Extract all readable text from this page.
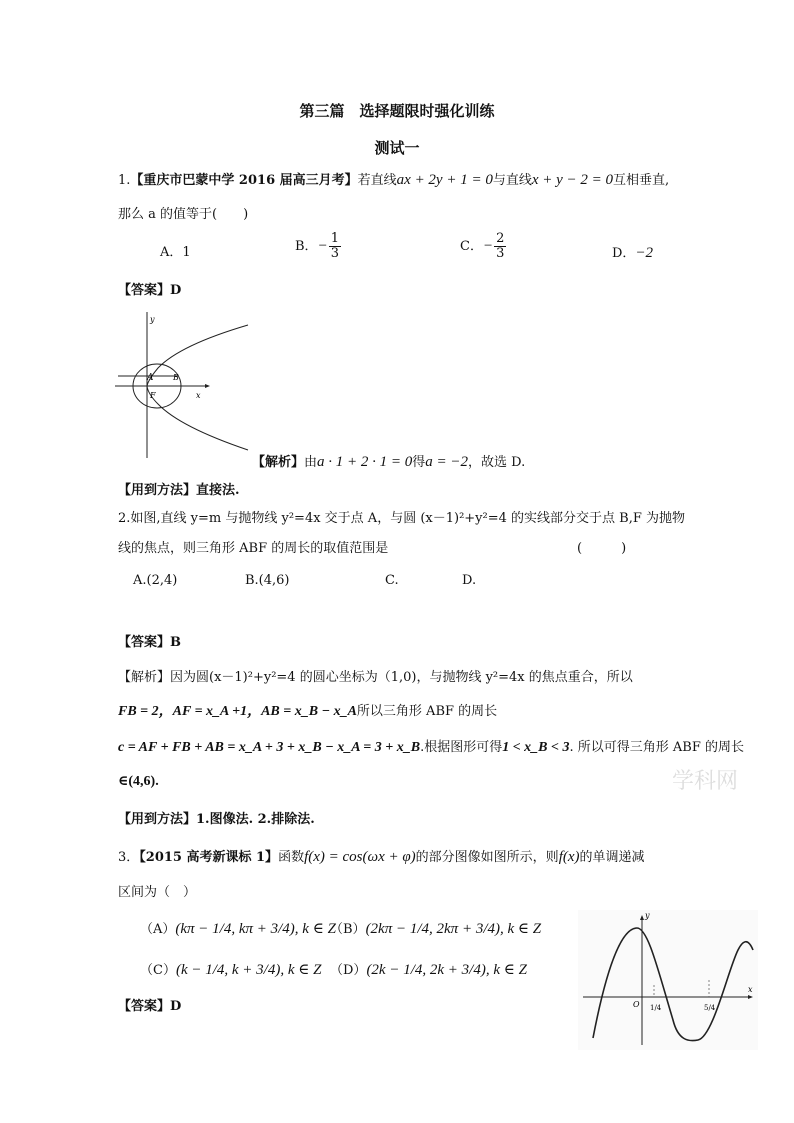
第三篇　选择题限时强化训练
测试一
1.【重庆市巴蒙中学 2016 届高三月考】若直线ax + 2y + 1 = 0与直线x + y − 2 = 0互相垂直,
那么 a 的值等于(　　)
A．1	B．− $\frac{1}{3}$	C．− $\frac{2}{3}$	D．−2
【答案】D
y
x
A B
F
【解析】由a · 1 + 2 · 1 = 0得a = −2，故选 D.
【用到方法】直接法.
2.如图,直线 y=m 与抛物线 y²=4x 交于点 A，与圆 (x－1)²+y²=4 的实线部分交于点 B,F 为抛物
线的焦点，则三角形 ABF 的周长的取值范围是	(　　　)
A.(2,4)	B.(4,6)	C.	D.
【答案】B
【解析】因为圆(x－1)²+y²=4 的圆心坐标为（1,0)，与抛物线 y²=4x 的焦点重合，所以
FB = 2，AF = x_A +1，AB = x_B − x_A所以三角形 ABF 的周长
c = AF + FB + AB = x_A + 3 + x_B − x_A = 3 + x_B.根据图形可得1 < x_B < 3. 所以可得三角形 ABF 的周长
∈(4,6).	学科网
【用到方法】1.图像法. 2.排除法.
3．【2015 高考新课标 1】函数f(x) = cos(ωx + φ)的部分图像如图所示，则f(x)的单调递减
区间为（　）
（A）(kπ − 1/4, kπ + 3/4), k ∈ Z
（B）(2kπ − 1/4, 2kπ + 3/4), k ∈ Z
（C）(k − 1/4, k + 3/4), k ∈ Z （D）(2k − 1/4, 2k + 3/4), k ∈ Z
【答案】D
y
x
O 1/4	5/4
